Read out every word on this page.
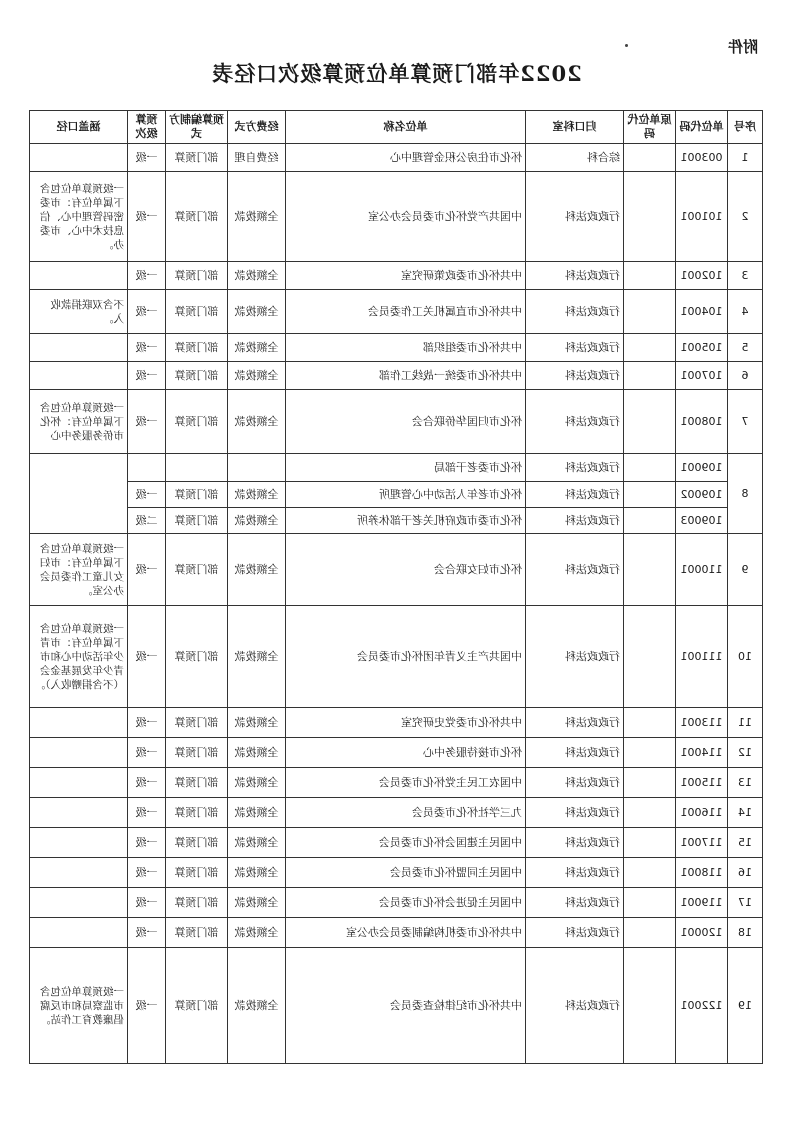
附件
2022年部门预算单位预算级次口径表
序号	单位代码	原单位代码	归口科室	单位名称	经费方式	预算编制方式	预算级次	涵盖口径
1	003001		综合科	怀化市住房公积金管理中心	经费自理	部门预算	一级	
2	101001		行政政法科	中国共产党怀化市委员会办公室	全额拨款	部门预算	一级	一级预算单位包含下属单位有：市委密码管理中心、信息技术中心、市委办。
3	102001		行政政法科	中共怀化市委政策研究室	全额拨款	部门预算	一级	
4	104001		行政政法科	中共怀化市直属机关工作委员会	全额拨款	部门预算	一级	不含双联捐款收入。
5	105001		行政政法科	中共怀化市委组织部	全额拨款	部门预算	一级	
6	107001		行政政法科	中共怀化市委统一战线工作部	全额拨款	部门预算	一级	
7	108001		行政政法科	怀化市归国华侨联合会	全额拨款	部门预算	一级	一级预算单位包含下属单位有：怀化市侨务服务中心
8	109001		行政政法科	怀化市委老干部局				
	109002		行政政法科	怀化市老年人活动中心管理所	全额拨款	部门预算	一级	
	109003		行政政法科	怀化市委市政府机关老干部休养所	全额拨款	部门预算	二级	
9	110001		行政政法科	怀化市妇女联合会	全额拨款	部门预算	一级	一级预算单位包含下属单位有：市妇女儿童工作委员会办公室。
10	111001		行政政法科	中国共产主义青年团怀化市委员会	全额拨款	部门预算	一级	一级预算单位包含下属单位有：市青少年活动中心和市青少年发展基金会（不含捐赠收入）。
11	113001		行政政法科	中共怀化市委党史研究室	全额拨款	部门预算	一级	
12	114001		行政政法科	怀化市接待服务中心	全额拨款	部门预算	一级	
13	115001		行政政法科	中国农工民主党怀化市委员会	全额拨款	部门预算	一级	
14	116001		行政政法科	九三学社怀化市委员会	全额拨款	部门预算	一级	
15	117001		行政政法科	中国民主建国会怀化市委员会	全额拨款	部门预算	一级	
16	118001		行政政法科	中国民主同盟怀化市委员会	全额拨款	部门预算	一级	
17	119001		行政政法科	中国民主促进会怀化市委员会	全额拨款	部门预算	一级	
18	120001		行政政法科	中共怀化市委机构编制委员会办公室	全额拨款	部门预算	一级	
19	122001		行政政法科	中共怀化市纪律检查委员会	全额拨款	部门预算	一级	一级预算单位包含市监察局和市反腐倡廉教育工作站。
